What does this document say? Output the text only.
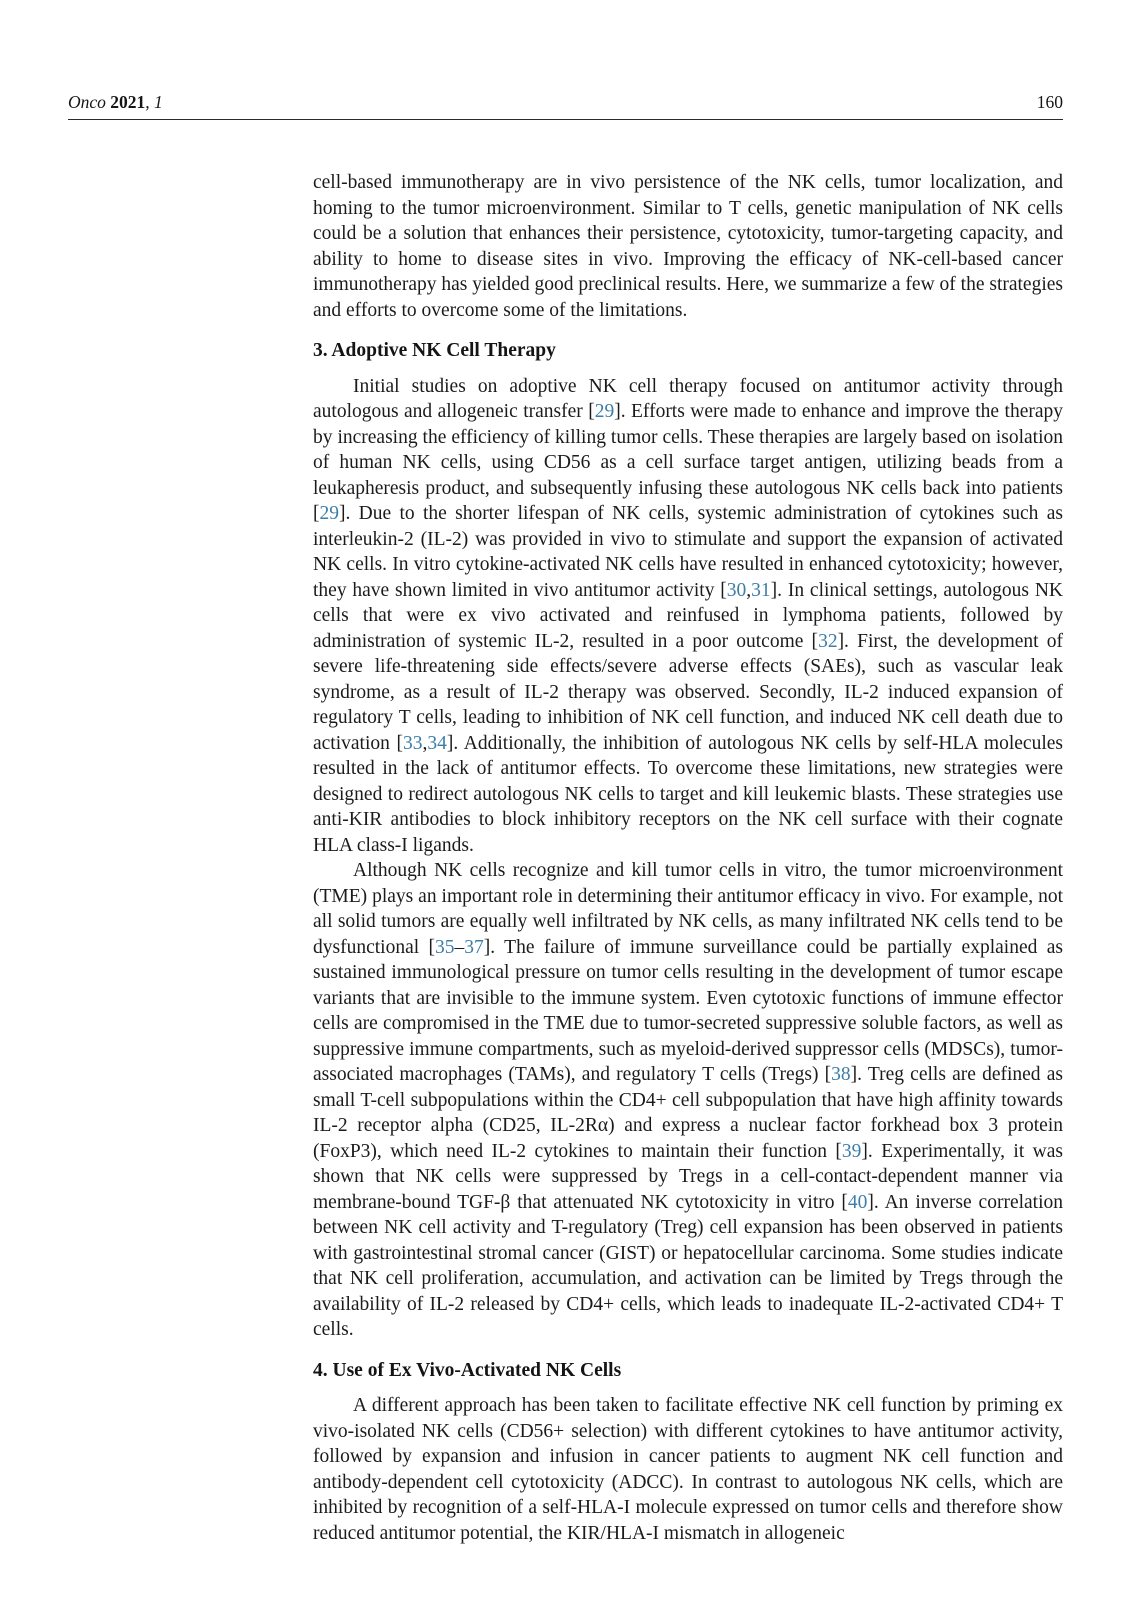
Onco 2021, 1	160

cell-based immunotherapy are in vivo persistence of the NK cells, tumor localization, and homing to the tumor microenvironment. Similar to T cells, genetic manipulation of NK cells could be a solution that enhances their persistence, cytotoxicity, tumor-targeting capacity, and ability to home to disease sites in vivo. Improving the efficacy of NK-cell-based cancer immunotherapy has yielded good preclinical results. Here, we summarize a few of the strategies and efforts to overcome some of the limitations.

3. Adoptive NK Cell Therapy

Initial studies on adoptive NK cell therapy focused on antitumor activity through autologous and allogeneic transfer [29]. Efforts were made to enhance and improve the therapy by increasing the efficiency of killing tumor cells. These therapies are largely based on isolation of human NK cells, using CD56 as a cell surface target antigen, utilizing beads from a leukapheresis product, and subsequently infusing these autologous NK cells back into patients [29]. Due to the shorter lifespan of NK cells, systemic administration of cytokines such as interleukin-2 (IL-2) was provided in vivo to stimulate and support the expansion of activated NK cells. In vitro cytokine-activated NK cells have resulted in enhanced cytotoxicity; however, they have shown limited in vivo antitumor activity [30,31]. In clinical settings, autologous NK cells that were ex vivo activated and reinfused in lymphoma patients, followed by administration of systemic IL-2, resulted in a poor outcome [32]. First, the development of severe life-threatening side effects/severe adverse effects (SAEs), such as vascular leak syndrome, as a result of IL-2 therapy was observed. Secondly, IL-2 induced expansion of regulatory T cells, leading to inhibition of NK cell function, and induced NK cell death due to activation [33,34]. Additionally, the inhibition of autologous NK cells by self-HLA molecules resulted in the lack of antitumor effects. To overcome these limitations, new strategies were designed to redirect autologous NK cells to target and kill leukemic blasts. These strategies use anti-KIR antibodies to block inhibitory receptors on the NK cell surface with their cognate HLA class-I ligands.

Although NK cells recognize and kill tumor cells in vitro, the tumor microenvironment (TME) plays an important role in determining their antitumor efficacy in vivo. For example, not all solid tumors are equally well infiltrated by NK cells, as many infiltrated NK cells tend to be dysfunctional [35–37]. The failure of immune surveillance could be partially explained as sustained immunological pressure on tumor cells resulting in the development of tumor escape variants that are invisible to the immune system. Even cytotoxic functions of immune effector cells are compromised in the TME due to tumor-secreted suppressive soluble factors, as well as suppressive immune compartments, such as myeloid-derived suppressor cells (MDSCs), tumor-associated macrophages (TAMs), and regulatory T cells (Tregs) [38]. Treg cells are defined as small T-cell subpopulations within the CD4+ cell subpopulation that have high affinity towards IL-2 receptor alpha (CD25, IL-2Rα) and express a nuclear factor forkhead box 3 protein (FoxP3), which need IL-2 cytokines to maintain their function [39]. Experimentally, it was shown that NK cells were suppressed by Tregs in a cell-contact-dependent manner via membrane-bound TGF-β that attenuated NK cytotoxicity in vitro [40]. An inverse correlation between NK cell activity and T-regulatory (Treg) cell expansion has been observed in patients with gastrointestinal stromal cancer (GIST) or hepatocellular carcinoma. Some studies indicate that NK cell proliferation, accumulation, and activation can be limited by Tregs through the availability of IL-2 released by CD4+ cells, which leads to inadequate IL-2-activated CD4+ T cells.

4. Use of Ex Vivo-Activated NK Cells

A different approach has been taken to facilitate effective NK cell function by priming ex vivo-isolated NK cells (CD56+ selection) with different cytokines to have antitumor activity, followed by expansion and infusion in cancer patients to augment NK cell function and antibody-dependent cell cytotoxicity (ADCC). In contrast to autologous NK cells, which are inhibited by recognition of a self-HLA-I molecule expressed on tumor cells and therefore show reduced antitumor potential, the KIR/HLA-I mismatch in allogeneic
